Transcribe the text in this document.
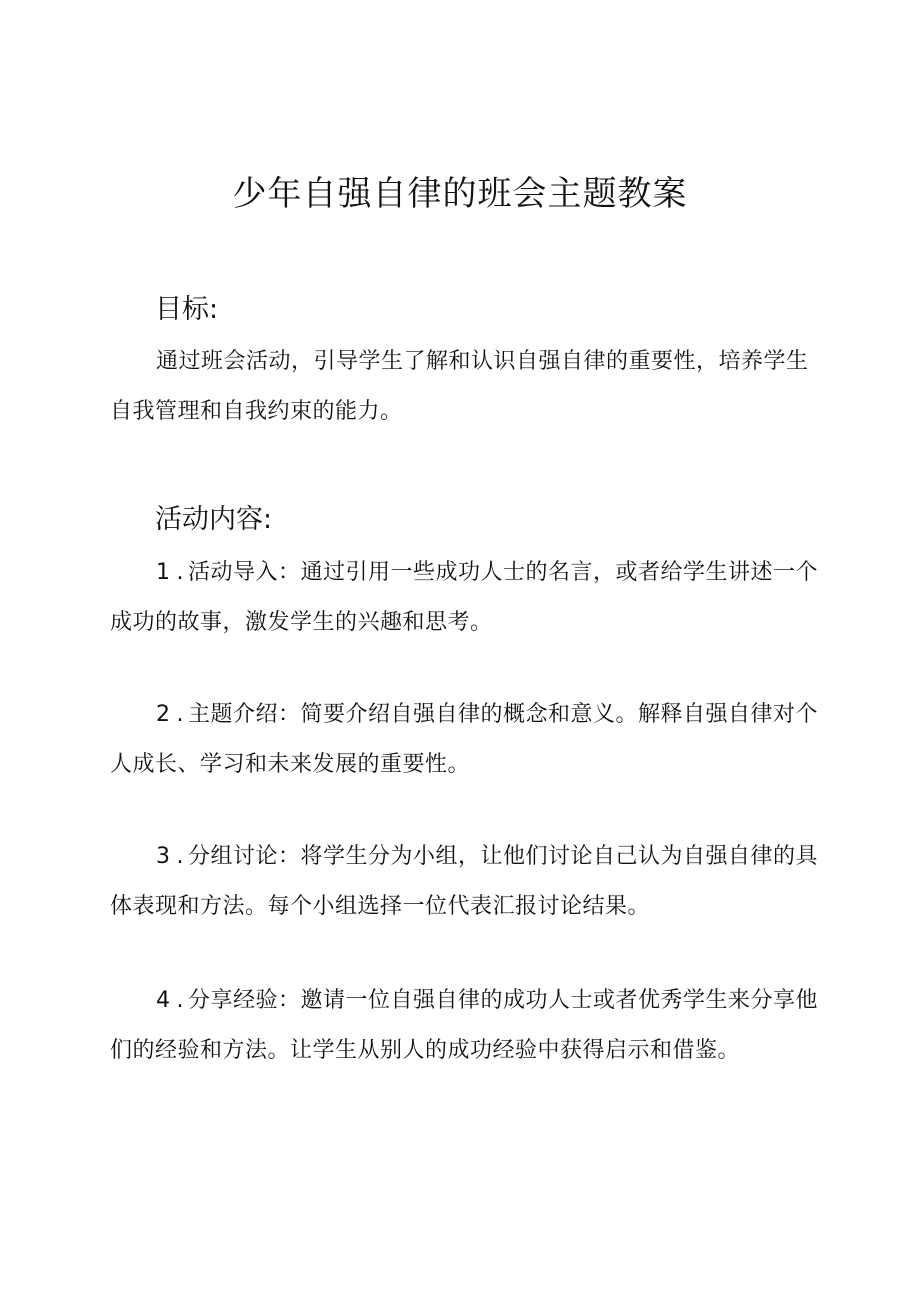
少年自强自律的班会主题教案
目标:

通过班会活动，引导学生了解和认识自强自律的重要性，培养学生自我管理和自我约束的能力。

活动内容:

1 . 活动导入：通过引用一些成功人士的名言，或者给学生讲述一个成功的故事，激发学生的兴趣和思考。

2 . 主题介绍：简要介绍自强自律的概念和意义。解释自强自律对个人成长、学习和未来发展的重要性。

3 . 分组讨论：将学生分为小组，让他们讨论自己认为自强自律的具体表现和方法。每个小组选择一位代表汇报讨论结果。

4 . 分享经验：邀请一位自强自律的成功人士或者优秀学生来分享他们的经验和方法。让学生从别人的成功经验中获得启示和借鉴。
